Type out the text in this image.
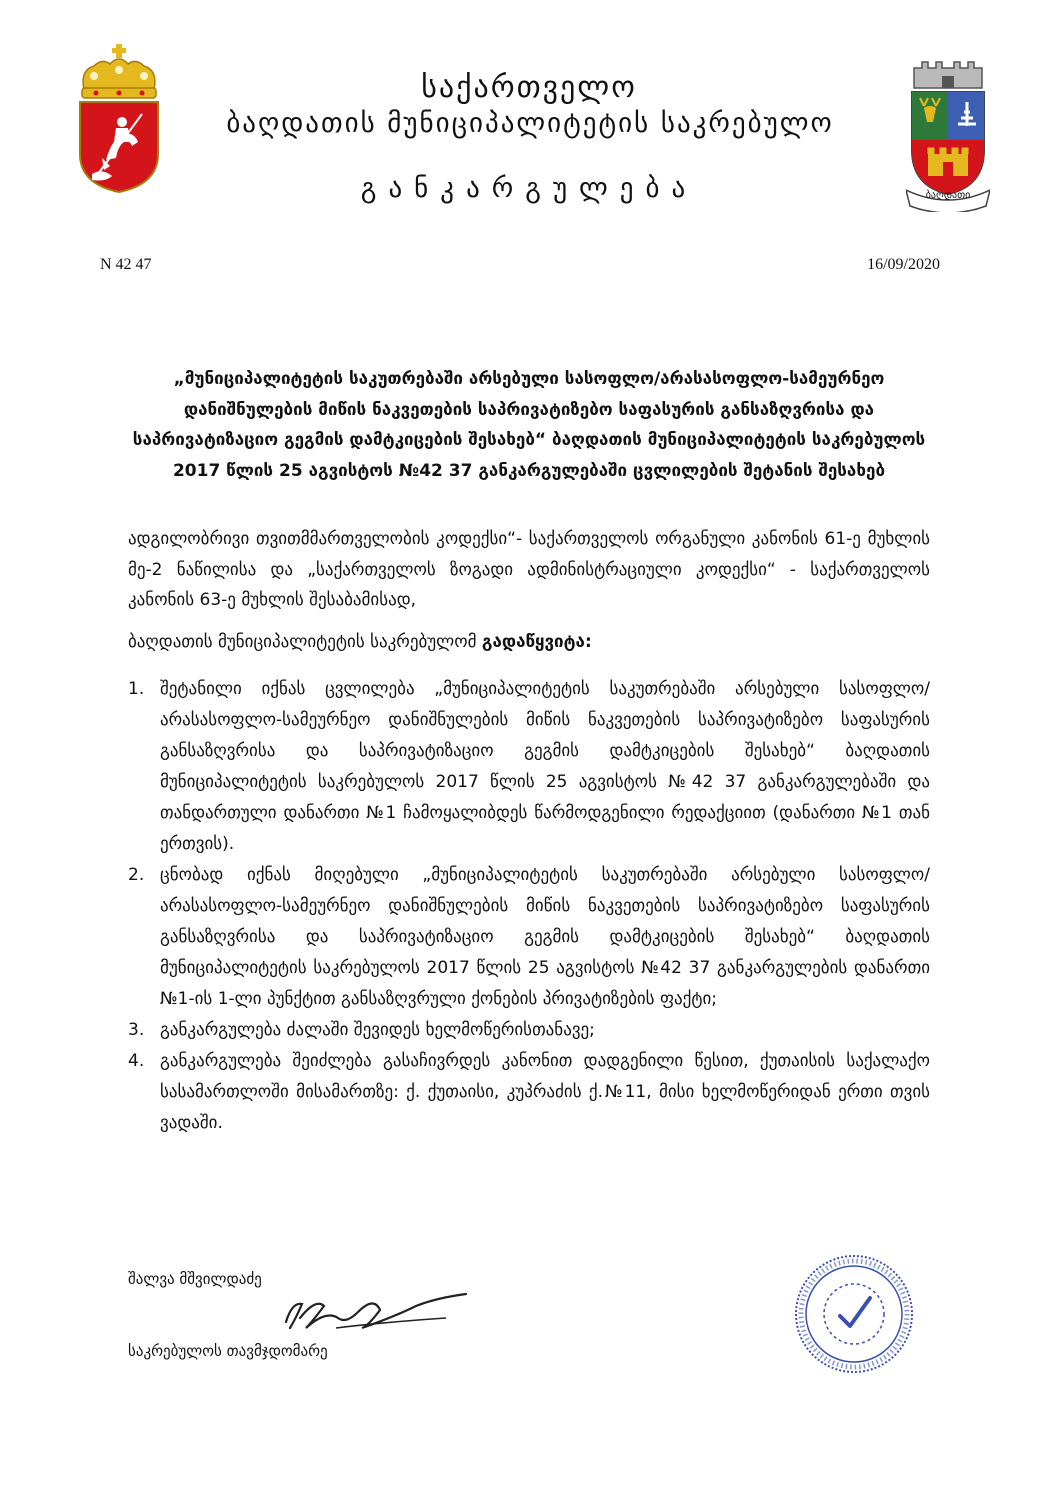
ბაღდათი
საქართველო
ბაღდათის მუნიციპალიტეტის საკრებულო
განკარგულება
N 42 47	16/09/2020
„მუნიციპალიტეტის საკუთრებაში არსებული სასოფლო/არასასოფლო-სამეურნეო დანიშნულების მიწის ნაკვეთების საპრივატიზებო საფასურის განსაზღვრისა და საპრივატიზაციო გეგმის დამტკიცების შესახებ“ ბაღდათის მუნიციპალიტეტის საკრებულოს 2017 წლის 25 აგვისტოს №42 37 განკარგულებაში ცვლილების შეტანის შესახებ
ადგილობრივი თვითმმართველობის კოდექსი“- საქართველოს ორგანული კანონის 61-ე მუხლის მე-2 ნაწილისა და „საქართველოს ზოგადი ადმინისტრაციული კოდექსი“ - საქართველოს კანონის 63-ე მუხლის შესაბამისად,
ბაღდათის მუნიციპალიტეტის საკრებულომ გადაწყვიტა:
1. შეტანილი იქნას ცვლილება „მუნიციპალიტეტის საკუთრებაში არსებული სასოფლო/არასასოფლო-სამეურნეო დანიშნულების მიწის ნაკვეთების საპრივატიზებო საფასურის განსაზღვრისა და საპრივატიზაციო გეგმის დამტკიცების შესახებ“ ბაღდათის მუნიციპალიტეტის საკრებულოს 2017 წლის 25 აგვისტოს №42 37 განკარგულებაში და თანდართული დანართი №1 ჩამოყალიბდეს წარმოდგენილი რედაქციით (დანართი №1 თან ერთვის).
2. ცნობად იქნას მიღებული „მუნიციპალიტეტის საკუთრებაში არსებული სასოფლო/არასასოფლო-სამეურნეო დანიშნულების მიწის ნაკვეთების საპრივატიზებო საფასურის განსაზღვრისა და საპრივატიზაციო გეგმის დამტკიცების შესახებ“ ბაღდათის მუნიციპალიტეტის საკრებულოს 2017 წლის 25 აგვისტოს №42 37 განკარგულების დანართი №1-ის 1-ლი პუნქტით განსაზღვრული ქონების პრივატიზების ფაქტი;
3. განკარგულება ძალაში შევიდეს ხელმოწერისთანავე;
4. განკარგულება შეიძლება გასაჩივრდეს კანონით დადგენილი წესით, ქუთაისის საქალაქო სასამართლოში მისამართზე: ქ. ქუთაისი, კუპრაძის ქ.№11, მისი ხელმოწერიდან ერთი თვის ვადაში.
შალვა მშვილდაძე
საკრებულოს თავმჯდომარე
